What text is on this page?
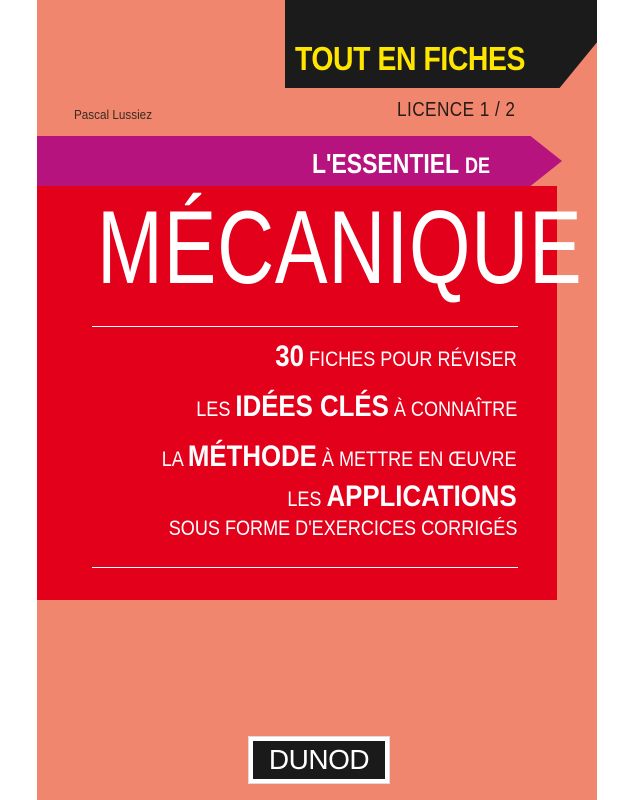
TOUT EN FICHES
Pascal Lussiez	LICENCE 1 / 2
L'ESSENTIEL DE
MÉCANIQUE
30 FICHES POUR RÉVISER
LES IDÉES CLÉS À CONNAÎTRE
LA MÉTHODE À METTRE EN ŒUVRE
LES APPLICATIONS
SOUS FORME D'EXERCICES CORRIGÉS
DUNOD
